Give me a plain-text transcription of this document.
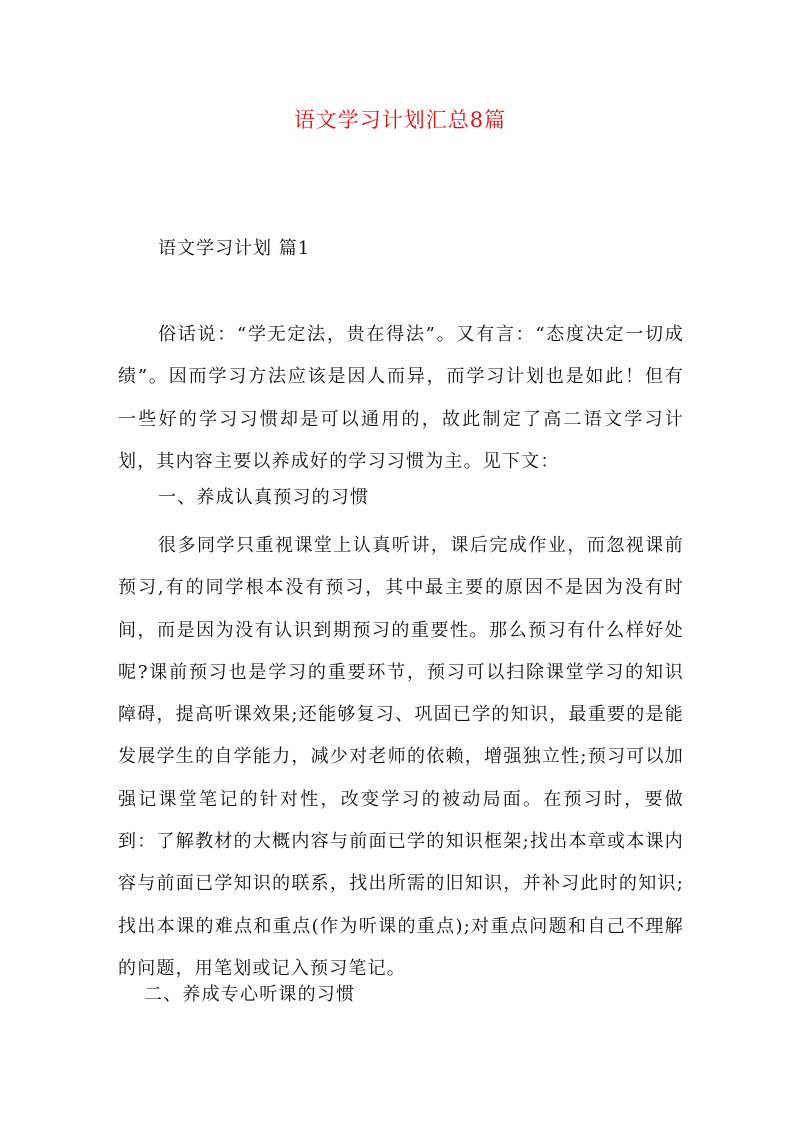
语文学习计划汇总8篇
语文学习计划 篇1

俗话说：“学无定法，贵在得法”。又有言：“态度决定一切成绩”。因而学习方法应该是因人而异，而学习计划也是如此！但有一些好的学习习惯却是可以通用的，故此制定了高二语文学习计划，其内容主要以养成好的学习习惯为主。见下文：

一、养成认真预习的习惯

很多同学只重视课堂上认真听讲，课后完成作业，而忽视课前预习,有的同学根本没有预习，其中最主要的原因不是因为没有时间，而是因为没有认识到期预习的重要性。那么预习有什么样好处呢?课前预习也是学习的重要环节，预习可以扫除课堂学习的知识障碍，提高听课效果;还能够复习、巩固已学的知识，最重要的是能发展学生的自学能力，减少对老师的依赖，增强独立性;预习可以加强记课堂笔记的针对性，改变学习的被动局面。在预习时，要做到：了解教材的大概内容与前面已学的知识框架;找出本章或本课内容与前面已学知识的联系，找出所需的旧知识，并补习此时的知识;找出本课的难点和重点(作为听课的重点);对重点问题和自己不理解的问题，用笔划或记入预习笔记。

二、养成专心听课的习惯
